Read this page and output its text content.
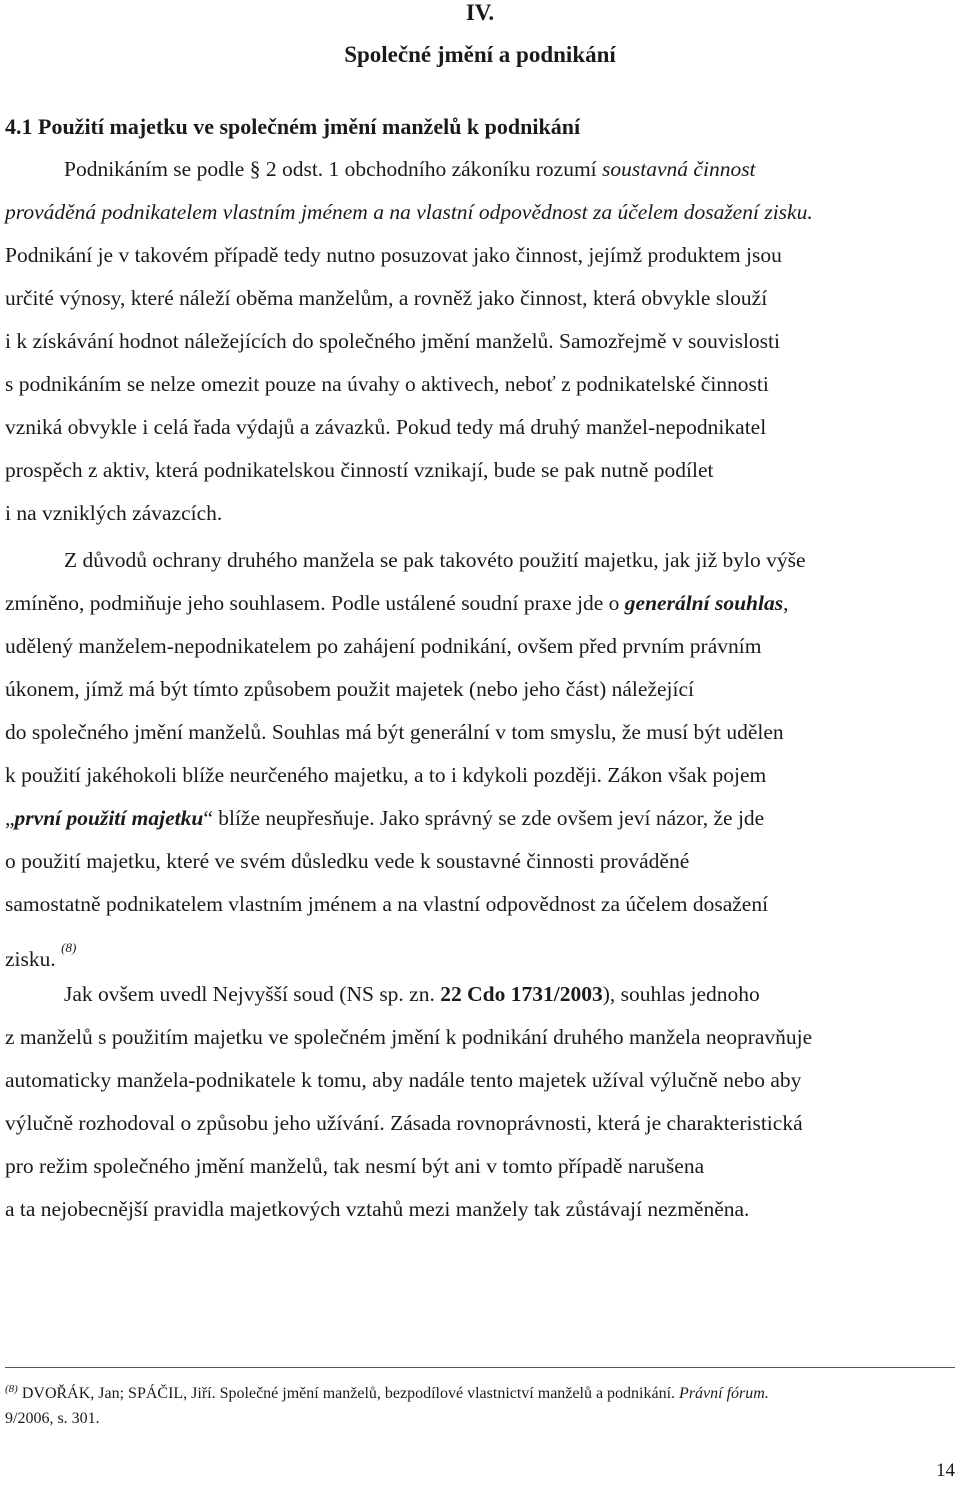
IV.
Společné jmění a podnikání
4.1 Použití majetku ve společném jmění manželů k podnikání
Podnikáním se podle § 2 odst. 1 obchodního zákoníku rozumí soustavná činnost
prováděná podnikatelem vlastním jménem a na vlastní odpovědnost za účelem dosažení zisku.
Podnikání je v takovém případě tedy nutno posuzovat jako činnost, jejímž produktem jsou
určité výnosy, které náleží oběma manželům, a rovněž jako činnost, která obvykle slouží
i k získávání hodnot náležejících do společného jmění manželů. Samozřejmě v souvislosti
s podnikáním se nelze omezit pouze na úvahy o aktivech, neboť z podnikatelské činnosti
vzniká obvykle i celá řada výdajů a závazků. Pokud tedy má druhý manžel-nepodnikatel
prospěch z aktiv, která podnikatelskou činností vznikají, bude se pak nutně podílet
i na vzniklých závazcích.
Z důvodů ochrany druhého manžela se pak takovéto použití majetku, jak již bylo výše
zmíněno, podmiňuje jeho souhlasem. Podle ustálené soudní praxe jde o generální souhlas,
udělený manželem-nepodnikatelem po zahájení podnikání, ovšem před prvním právním
úkonem, jímž má být tímto způsobem použit majetek (nebo jeho část) náležející
do společného jmění manželů. Souhlas má být generální v tom smyslu, že musí být udělen
k použití jakéhokoli blíže neurčeného majetku, a to i kdykoli později. Zákon však pojem
„první použití majetku“ blíže neupřesňuje. Jako správný se zde ovšem jeví názor, že jde
o použití majetku, které ve svém důsledku vede k soustavné činnosti prováděné
samostatně podnikatelem vlastním jménem a na vlastní odpovědnost za účelem dosažení
zisku. $^{(8)}$
Jak ovšem uvedl Nejvyšší soud (NS sp. zn. 22 Cdo 1731/2003), souhlas jednoho
z manželů s použitím majetku ve společném jmění k podnikání druhého manžela neopravňuje
automaticky manžela-podnikatele k tomu, aby nadále tento majetek užíval výlučně nebo aby
výlučně rozhodoval o způsobu jeho užívání. Zásada rovnoprávnosti, která je charakteristická
pro režim společného jmění manželů, tak nesmí být ani v tomto případě narušena
a ta nejobecnější pravidla majetkových vztahů mezi manžely tak zůstávají nezměněna.
$^{(8)}$ DVOŘÁK, Jan; SPÁČIL, Jiří. Společné jmění manželů, bezpodílové vlastnictví manželů a podnikání. Právní fórum.
9/2006, s. 301.
14
